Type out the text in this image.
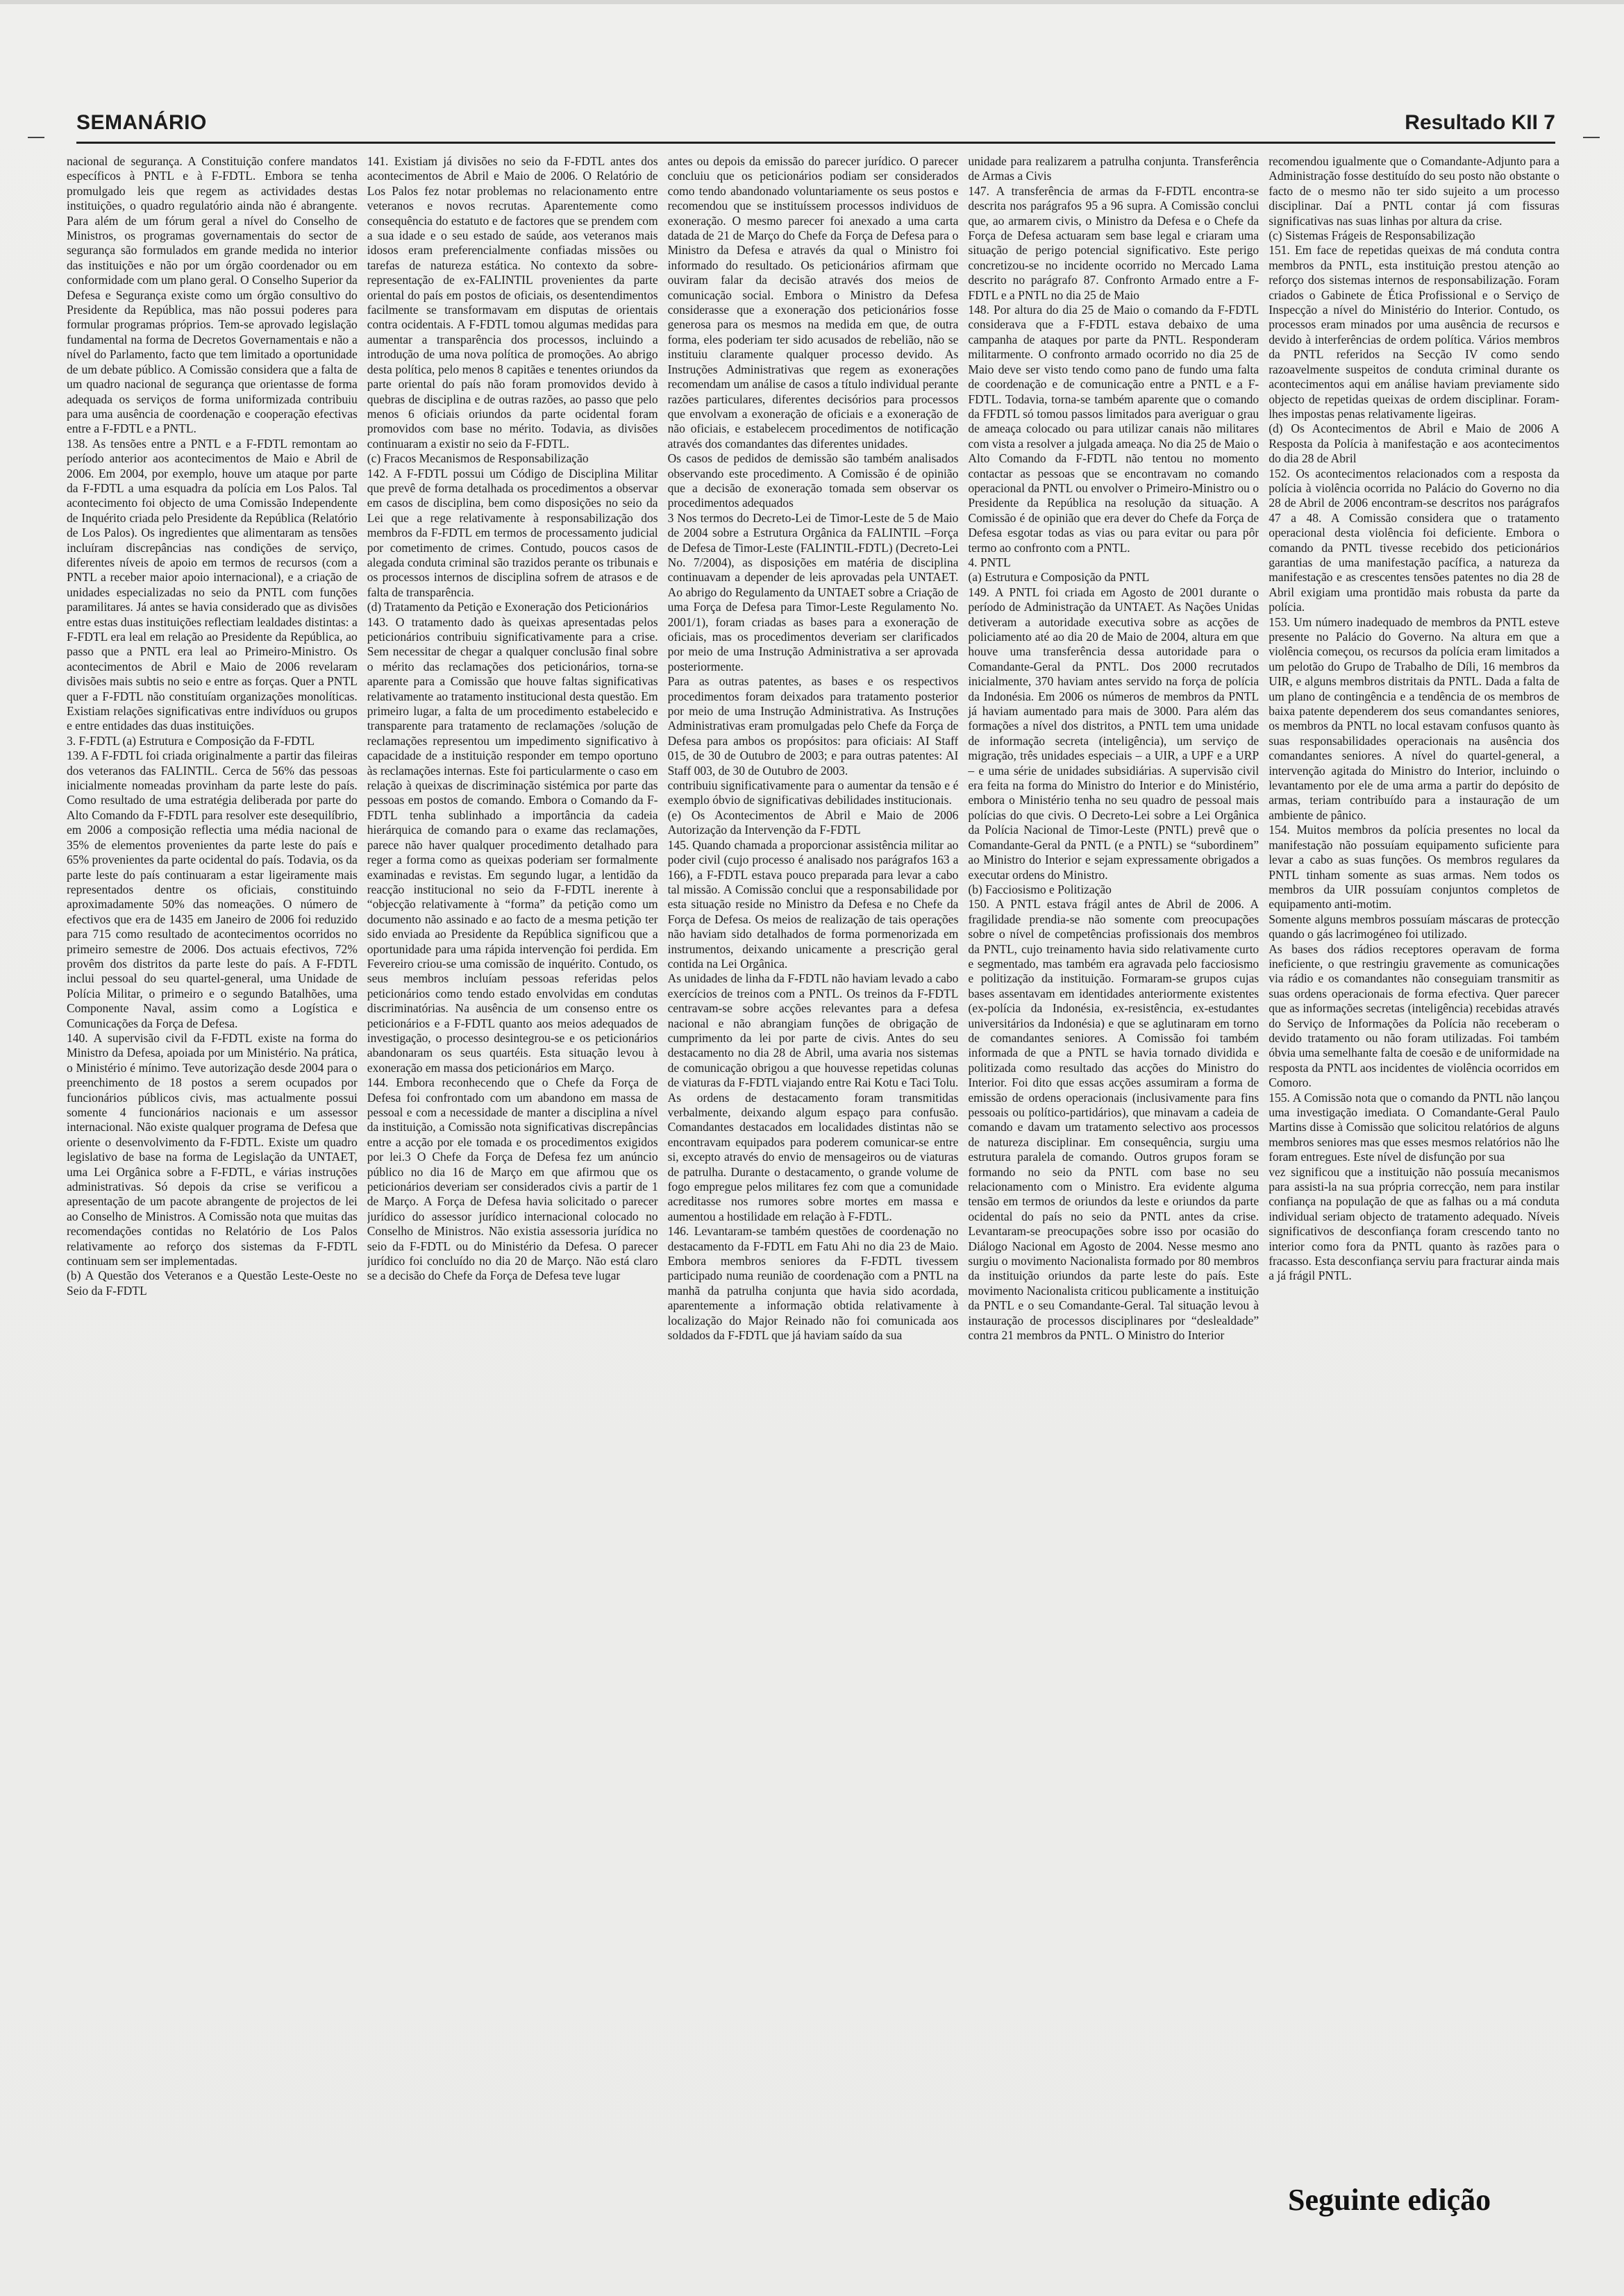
SEMANÁRIO	Resultado KII 7

nacional de segurança. A Constituição confere mandatos específicos à PNTL e à F-FDTL. Embora se tenha promulgado leis que regem as actividades destas instituições, o quadro regulatório ainda não é abrangente. Para além de um fórum geral a nível do Conselho de Ministros, os programas governamentais do sector de segurança são formulados em grande medida no interior das instituições e não por um órgão coordenador ou em conformidade com um plano geral. O Conselho Superior da Defesa e Segurança existe como um órgão consultivo do Presidente da República, mas não possui poderes para formular programas próprios. Tem-se aprovado legislação fundamental na forma de Decretos Governamentais e não a nível do Parlamento, facto que tem limitado a oportunidade de um debate público. A Comissão considera que a falta de um quadro nacional de segurança que orientasse de forma adequada os serviços de forma uniformizada contribuiu para uma ausência de coordenação e cooperação efectivas entre a F-FDTL e a PNTL.
138. As tensões entre a PNTL e a F-FDTL remontam ao período anterior aos acontecimentos de Maio e Abril de 2006. Em 2004, por exemplo, houve um ataque por parte da F-FDTL a uma esquadra da polícia em Los Palos. Tal acontecimento foi objecto de uma Comissão Independente de Inquérito criada pelo Presidente da República (Relatório de Los Palos). Os ingredientes que alimentaram as tensões incluíram discrepâncias nas condições de serviço, diferentes níveis de apoio em termos de recursos (com a PNTL a receber maior apoio internacional), e a criação de unidades especializadas no seio da PNTL com funções paramilitares. Já antes se havia considerado que as divisões entre estas duas instituições reflectiam lealdades distintas: a F-FDTL era leal em relação ao Presidente da República, ao passo que a PNTL era leal ao Primeiro-Ministro. Os acontecimentos de Abril e Maio de 2006 revelaram divisões mais subtis no seio e entre as forças. Quer a PNTL quer a F-FDTL não constituíam organizações monolíticas. Existiam relações significativas entre indivíduos ou grupos e entre entidades das duas instituições.
3. F-FDTL (a) Estrutura e Composição da F-FDTL
139. A F-FDTL foi criada originalmente a partir das fileiras dos veteranos das FALINTIL. Cerca de 56% das pessoas inicialmente nomeadas provinham da parte leste do país. Como resultado de uma estratégia deliberada por parte do Alto Comando da F-FDTL para resolver este desequilíbrio, em 2006 a composição reflectia uma média nacional de 35% de elementos provenientes da parte leste do país e 65% provenientes da parte ocidental do país. Todavia, os da parte leste do país continuaram a estar ligeiramente mais representados dentre os oficiais, constituindo aproximadamente 50% das nomeações. O número de efectivos que era de 1435 em Janeiro de 2006 foi reduzido para 715 como resultado de acontecimentos ocorridos no primeiro semestre de 2006. Dos actuais efectivos, 72% provêm dos distritos da parte leste do país. A F-FDTL inclui pessoal do seu quartel-general, uma Unidade de Polícia Militar, o primeiro e o segundo Batalhões, uma Componente Naval, assim como a Logística e Comunicações da Força de Defesa.
140. A supervisão civil da F-FDTL existe na forma do Ministro da Defesa, apoiada por um Ministério. Na prática, o Ministério é mínimo. Teve autorização desde 2004 para o preenchimento de 18 postos a serem ocupados por funcionários públicos civis, mas actualmente possui somente 4 funcionários nacionais e um assessor internacional. Não existe qualquer programa de Defesa que oriente o desenvolvimento da F-FDTL. Existe um quadro legislativo de base na forma de Legislação da UNTAET, uma Lei Orgânica sobre a F-FDTL, e várias instruções administrativas. Só depois da crise se verificou a apresentação de um pacote abrangente de projectos de lei ao Conselho de Ministros. A Comissão nota que muitas das recomendações contidas no Relatório de Los Palos relativamente ao reforço dos sistemas da F-FDTL continuam sem ser implementadas.
(b) A Questão dos Veteranos e a Questão Leste-Oeste no Seio da F-FDTL

141. Existiam já divisões no seio da F-FDTL antes dos acontecimentos de Abril e Maio de 2006. O Relatório de Los Palos fez notar problemas no relacionamento entre veteranos e novos recrutas. Aparentemente como consequência do estatuto e de factores que se prendem com a sua idade e o seu estado de saúde, aos veteranos mais idosos eram preferencialmente confiadas missões ou tarefas de natureza estática. No contexto da sobre-representação de ex-FALINTIL provenientes da parte oriental do país em postos de oficiais, os desentendimentos facilmente se transformavam em disputas de orientais contra ocidentais. A F-FDTL tomou algumas medidas para aumentar a transparência dos processos, incluindo a introdução de uma nova política de promoções. Ao abrigo desta política, pelo menos 8 capitães e tenentes oriundos da parte oriental do país não foram promovidos devido à quebras de disciplina e de outras razões, ao passo que pelo menos 6 oficiais oriundos da parte ocidental foram promovidos com base no mérito. Todavia, as divisões continuaram a existir no seio da F-FDTL.
(c) Fracos Mecanismos de Responsabilização
142. A F-FDTL possui um Código de Disciplina Militar que prevê de forma detalhada os procedimentos a observar em casos de disciplina, bem como disposições no seio da Lei que a rege relativamente à responsabilização dos membros da F-FDTL em termos de processamento judicial por cometimento de crimes. Contudo, poucos casos de alegada conduta criminal são trazidos perante os tribunais e os processos internos de disciplina sofrem de atrasos e de falta de transparência.
(d) Tratamento da Petição e Exoneração dos Peticionários
143. O tratamento dado às queixas apresentadas pelos peticionários contribuiu significativamente para a crise. Sem necessitar de chegar a qualquer conclusão final sobre o mérito das reclamações dos peticionários, torna-se aparente para a Comissão que houve faltas significativas relativamente ao tratamento institucional desta questão. Em primeiro lugar, a falta de um procedimento estabelecido e transparente para tratamento de reclamações /solução de reclamações representou um impedimento significativo à capacidade de a instituição responder em tempo oportuno às reclamações internas. Este foi particularmente o caso em relação à queixas de discriminação sistémica por parte das pessoas em postos de comando. Embora o Comando da F-FDTL tenha sublinhado a importância da cadeia hierárquica de comando para o exame das reclamações, parece não haver qualquer procedimento detalhado para reger a forma como as queixas poderiam ser formalmente examinadas e revistas. Em segundo lugar, a lentidão da reacção institucional no seio da F-FDTL inerente à “objecção relativamente à “forma” da petição como um documento não assinado e ao facto de a mesma petição ter sido enviada ao Presidente da República significou que a oportunidade para uma rápida intervenção foi perdida. Em Fevereiro criou-se uma comissão de inquérito. Contudo, os seus membros incluíam pessoas referidas pelos peticionários como tendo estado envolvidas em condutas discriminatórias. Na ausência de um consenso entre os peticionários e a F-FDTL quanto aos meios adequados de investigação, o processo desintegrou-se e os peticionários abandonaram os seus quartéis. Esta situação levou à exoneração em massa dos peticionários em Março.
144. Embora reconhecendo que o Chefe da Força de Defesa foi confrontado com um abandono em massa de pessoal e com a necessidade de manter a disciplina a nível da instituição, a Comissão nota significativas discrepâncias entre a acção por ele tomada e os procedimentos exigidos por lei.3 O Chefe da Força de Defesa fez um anúncio público no dia 16 de Março em que afirmou que os peticionários deveriam ser considerados civis a partir de 1 de Março. A Força de Defesa havia solicitado o parecer jurídico do assessor jurídico internacional colocado no Conselho de Ministros. Não existia assessoria jurídica no seio da F-FDTL ou do Ministério da Defesa. O parecer jurídico foi concluído no dia 20 de Março. Não está claro se a decisão do Chefe da Força de Defesa teve lugar

antes ou depois da emissão do parecer jurídico. O parecer concluiu que os peticionários podiam ser considerados como tendo abandonado voluntariamente os seus postos e recomendou que se instituíssem processos individuos de exoneração. O mesmo parecer foi anexado a uma carta datada de 21 de Março do Chefe da Força de Defesa para o Ministro da Defesa e através da qual o Ministro foi informado do resultado. Os peticionários afirmam que ouviram falar da decisão através dos meios de comunicação social. Embora o Ministro da Defesa considerasse que a exoneração dos peticionários fosse generosa para os mesmos na medida em que, de outra forma, eles poderiam ter sido acusados de rebelião, não se instituiu claramente qualquer processo devido. As Instruções Administrativas que regem as exonerações recomendam um análise de casos a título individual perante razões particulares, diferentes decisórios para processos que envolvam a exoneração de oficiais e a exoneração de não oficiais, e estabelecem procedimentos de notificação através dos comandantes das diferentes unidades.
Os casos de pedidos de demissão são também analisados observando este procedimento. A Comissão é de opinião que a decisão de exoneração tomada sem observar os procedimentos adequados
3 Nos termos do Decreto-Lei de Timor-Leste de 5 de Maio de 2004 sobre a Estrutura Orgânica da FALINTIL –Força de Defesa de Timor-Leste (FALINTIL-FDTL) (Decreto-Lei No. 7/2004), as disposições em matéria de disciplina continuavam a depender de leis aprovadas pela UNTAET. Ao abrigo do Regulamento da UNTAET sobre a Criação de uma Força de Defesa para Timor-Leste Regulamento No. 2001/1), foram criadas as bases para a exoneração de oficiais, mas os procedimentos deveriam ser clarificados por meio de uma Instrução Administrativa a ser aprovada posteriormente.
Para as outras patentes, as bases e os respectivos procedimentos foram deixados para tratamento posterior por meio de uma Instrução Administrativa. As Instruções Administrativas eram promulgadas pelo Chefe da Força de Defesa para ambos os propósitos: para oficiais: AI Staff 015, de 30 de Outubro de 2003; e para outras patentes: AI Staff 003, de 30 de Outubro de 2003.
contribuiu significativamente para o aumentar da tensão e é exemplo óbvio de significativas debilidades institucionais.
(e) Os Acontecimentos de Abril e Maio de 2006 Autorização da Intervenção da F-FDTL
145. Quando chamada a proporcionar assistência militar ao poder civil (cujo processo é analisado nos parágrafos 163 a 166), a F-FDTL estava pouco preparada para levar a cabo tal missão. A Comissão conclui que a responsabilidade por esta situação reside no Ministro da Defesa e no Chefe da Força de Defesa. Os meios de realização de tais operações não haviam sido detalhados de forma pormenorizada em instrumentos, deixando unicamente a prescrição geral contida na Lei Orgânica.
As unidades de linha da F-FDTL não haviam levado a cabo exercícios de treinos com a PNTL. Os treinos da F-FDTL centravam-se sobre acções relevantes para a defesa nacional e não abrangiam funções de obrigação de cumprimento da lei por parte de civis. Antes do seu destacamento no dia 28 de Abril, uma avaria nos sistemas de comunicação obrigou a que houvesse repetidas colunas de viaturas da F-FDTL viajando entre Rai Kotu e Taci Tolu. As ordens de destacamento foram transmitidas verbalmente, deixando algum espaço para confusão. Comandantes destacados em localidades distintas não se encontravam equipados para poderem comunicar-se entre si, excepto através do envio de mensageiros ou de viaturas de patrulha. Durante o destacamento, o grande volume de fogo empregue pelos militares fez com que a comunidade acreditasse nos rumores sobre mortes em massa e aumentou a hostilidade em relação à F-FDTL.
146. Levantaram-se também questões de coordenação no destacamento da F-FDTL em Fatu Ahi no dia 23 de Maio. Embora membros seniores da F-FDTL tivessem participado numa reunião de coordenação com a PNTL na manhã da patrulha conjunta que havia sido acordada, aparentemente a informação obtida relativamente à localização do Major Reinado não foi comunicada aos soldados da F-FDTL que já haviam saído da sua

unidade para realizarem a patrulha conjunta. Transferência de Armas a Civis
147. A transferência de armas da F-FDTL encontra-se descrita nos parágrafos 95 a 96 supra. A Comissão conclui que, ao armarem civis, o Ministro da Defesa e o Chefe da Força de Defesa actuaram sem base legal e criaram uma situação de perigo potencial significativo. Este perigo concretizou-se no incidente ocorrido no Mercado Lama descrito no parágrafo 87. Confronto Armado entre a F-FDTL e a PNTL no dia 25 de Maio
148. Por altura do dia 25 de Maio o comando da F-FDTL considerava que a F-FDTL estava debaixo de uma campanha de ataques por parte da PNTL. Responderam militarmente. O confronto armado ocorrido no dia 25 de Maio deve ser visto tendo como pano de fundo uma falta de coordenação e de comunicação entre a PNTL e a F-FDTL. Todavia, torna-se também aparente que o comando da FFDTL só tomou passos limitados para averiguar o grau de ameaça colocado ou para utilizar canais não militares com vista a resolver a julgada ameaça. No dia 25 de Maio o Alto Comando da F-FDTL não tentou no momento contactar as pessoas que se encontravam no comando operacional da PNTL ou envolver o Primeiro-Ministro ou o Presidente da República na resolução da situação. A Comissão é de opinião que era dever do Chefe da Força de Defesa esgotar todas as vias ou para evitar ou para pôr termo ao confronto com a PNTL.
4. PNTL
(a) Estrutura e Composição da PNTL
149. A PNTL foi criada em Agosto de 2001 durante o período de Administração da UNTAET. As Nações Unidas detiveram a autoridade executiva sobre as acções de policiamento até ao dia 20 de Maio de 2004, altura em que houve uma transferência dessa autoridade para o Comandante-Geral da PNTL. Dos 2000 recrutados inicialmente, 370 haviam antes servido na força de polícia da Indonésia. Em 2006 os números de membros da PNTL já haviam aumentado para mais de 3000. Para além das formações a nível dos distritos, a PNTL tem uma unidade de informação secreta (inteligência), um serviço de migração, três unidades especiais – a UIR, a UPF e a URP – e uma série de unidades subsidiárias. A supervisão civil era feita na forma do Ministro do Interior e do Ministério, embora o Ministério tenha no seu quadro de pessoal mais polícias do que civis. O Decreto-Lei sobre a Lei Orgânica da Polícia Nacional de Timor-Leste (PNTL) prevê que o Comandante-Geral da PNTL (e a PNTL) se “subordinem” ao Ministro do Interior e sejam expressamente obrigados a executar ordens do Ministro.
(b) Facciosismo e Politização
150. A PNTL estava frágil antes de Abril de 2006. A fragilidade prendia-se não somente com preocupações sobre o nível de competências profissionais dos membros da PNTL, cujo treinamento havia sido relativamente curto e segmentado, mas também era agravada pelo facciosismo e politização da instituição. Formaram-se grupos cujas bases assentavam em identidades anteriormente existentes (ex-polícia da Indonésia, ex-resistência, ex-estudantes universitários da Indonésia) e que se aglutinaram em torno de comandantes seniores. A Comissão foi também informada de que a PNTL se havia tornado dividida e politizada como resultado das acções do Ministro do Interior. Foi dito que essas acções assumiram a forma de emissão de ordens operacionais (inclusivamente para fins pessoais ou político-partidários), que minavam a cadeia de comando e davam um tratamento selectivo aos processos de natureza disciplinar. Em consequência, surgiu uma estrutura paralela de comando. Outros grupos foram se formando no seio da PNTL com base no seu relacionamento com o Ministro. Era evidente alguma tensão em termos de oriundos da leste e oriundos da parte ocidental do país no seio da PNTL antes da crise. Levantaram-se preocupações sobre isso por ocasião do Diálogo Nacional em Agosto de 2004. Nesse mesmo ano surgiu o movimento Nacionalista formado por 80 membros da instituição oriundos da parte leste do país. Este movimento Nacionalista criticou publicamente a instituição da PNTL e o seu Comandante-Geral. Tal situação levou à instauração de processos disciplinares por “deslealdade” contra 21 membros da PNTL. O Ministro do Interior

recomendou igualmente que o Comandante-Adjunto para a Administração fosse destituído do seu posto não obstante o facto de o mesmo não ter sido sujeito a um processo disciplinar. Daí a PNTL contar já com fissuras significativas nas suas linhas por altura da crise.
(c) Sistemas Frágeis de Responsabilização
151. Em face de repetidas queixas de má conduta contra membros da PNTL, esta instituição prestou atenção ao reforço dos sistemas internos de responsabilização. Foram criados o Gabinete de Ética Profissional e o Serviço de Inspecção a nível do Ministério do Interior. Contudo, os processos eram minados por uma ausência de recursos e devido à interferências de ordem política. Vários membros da PNTL referidos na Secção IV como sendo razoavelmente suspeitos de conduta criminal durante os acontecimentos aqui em análise haviam previamente sido objecto de repetidas queixas de ordem disciplinar. Foram-lhes impostas penas relativamente ligeiras.
(d) Os Acontecimentos de Abril e Maio de 2006 A Resposta da Polícia à manifestação e aos acontecimentos do dia 28 de Abril
152. Os acontecimentos relacionados com a resposta da polícia à violência ocorrida no Palácio do Governo no dia 28 de Abril de 2006 encontram-se descritos nos parágrafos 47 a 48. A Comissão considera que o tratamento operacional desta violência foi deficiente. Embora o comando da PNTL tivesse recebido dos peticionários garantias de uma manifestação pacífica, a natureza da manifestação e as crescentes tensões patentes no dia 28 de Abril exigiam uma prontidão mais robusta da parte da polícia.
153. Um número inadequado de membros da PNTL esteve presente no Palácio do Governo. Na altura em que a violência começou, os recursos da polícia eram limitados a um pelotão do Grupo de Trabalho de Díli, 16 membros da UIR, e alguns membros distritais da PNTL. Dada a falta de um plano de contingência e a tendência de os membros de baixa patente dependerem dos seus comandantes seniores, os membros da PNTL no local estavam confusos quanto às suas responsabilidades operacionais na ausência dos comandantes seniores. A nível do quartel-general, a intervenção agitada do Ministro do Interior, incluindo o levantamento por ele de uma arma a partir do depósito de armas, teriam contribuído para a instauração de um ambiente de pânico.
154. Muitos membros da polícia presentes no local da manifestação não possuíam equipamento suficiente para levar a cabo as suas funções. Os membros regulares da PNTL tinham somente as suas armas. Nem todos os membros da UIR possuíam conjuntos completos de equipamento anti-motim.
Somente alguns membros possuíam máscaras de protecção quando o gás lacrimogéneo foi utilizado.
As bases dos rádios receptores operavam de forma ineficiente, o que restringiu gravemente as comunicações via rádio e os comandantes não conseguiam transmitir as suas ordens operacionais de forma efectiva. Quer parecer que as informações secretas (inteligência) recebidas através do Serviço de Informações da Polícia não receberam o devido tratamento ou não foram utilizadas. Foi também óbvia uma semelhante falta de coesão e de uniformidade na resposta da PNTL aos incidentes de violência ocorridos em Comoro.
155. A Comissão nota que o comando da PNTL não lançou uma investigação imediata. O Comandante-Geral Paulo Martins disse à Comissão que solicitou relatórios de alguns membros seniores mas que esses mesmos relatórios não lhe foram entregues. Este nível de disfunção por sua
vez significou que a instituição não possuía mecanismos para assisti-la na sua própria correcção, nem para instilar confiança na população de que as falhas ou a má conduta individual seriam objecto de tratamento adequado. Níveis significativos de desconfiança foram crescendo tanto no interior como fora da PNTL quanto às razões para o fracasso. Esta desconfiança serviu para fracturar ainda mais a já frágil PNTL.

Seguinte edição
